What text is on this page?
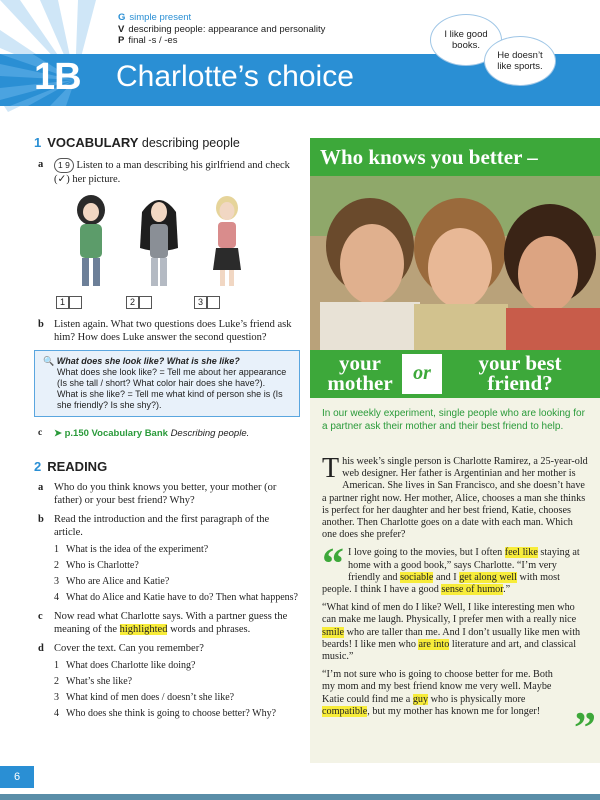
G simple present
V describing people: appearance and personality
P final -s / -es
1B Charlotte’s choice
I like good books.
He doesn’t like sports.
1 VOCABULARY describing people
a 1 9 Listen to a man describing his girlfriend and check (✓) her picture.
1	2	3
b Listen again. What two questions does Luke’s friend ask him? How does Luke answer the second question?
🔍 What does she look like? What is she like?
What does she look like? = Tell me about her appearance (Is she tall / short? What color hair does she have?).
What is she like? = Tell me what kind of person she is (Is she friendly? Is she shy?).
c ➤ p.150 Vocabulary Bank Describing people.
2 READING
a Who do you think knows you better, your mother (or father) or your best friend? Why?
b Read the introduction and the first paragraph of the article.
1 What is the idea of the experiment?
2 Who is Charlotte?
3 Who are Alice and Katie?
4 What do Alice and Katie have to do? Then what happens?
c Now read what Charlotte says. With a partner guess the meaning of the highlighted words and phrases.
d Cover the text. Can you remember?
1 What does Charlotte like doing?
2 What’s she like?
3 What kind of men does / doesn’t she like?
4 Who does she think is going to choose better? Why?
Who knows you better –
your mother	or	your best friend?
In our weekly experiment, single people who are looking for a partner ask their mother and their best friend to help.

This week’s single person is Charlotte Ramirez, a 25-year-old web designer. Her father is Argentinian and her mother is American. She lives in San Francisco, and she doesn’t have a partner right now. Her mother, Alice, chooses a man she thinks is perfect for her daughter and her best friend, Katie, chooses another. Then Charlotte goes on a date with each man. Which one does she prefer?

“ I love going to the movies, but I often feel like staying at home with a good book,” says Charlotte. “I’m very friendly and sociable and I get along well with most people. I think I have a good sense of humor.”

“What kind of men do I like? Well, I like interesting men who can make me laugh. Physically, I prefer men with a really nice smile who are taller than me. And I don’t usually like men with beards! I like men who are into literature and art, and classical music.”

“I’m not sure who is going to choose better for me. Both my mom and my best friend know me very well. Maybe Katie could find me a guy who is physically more compatible, but my mother has known me for longer! ”
6
